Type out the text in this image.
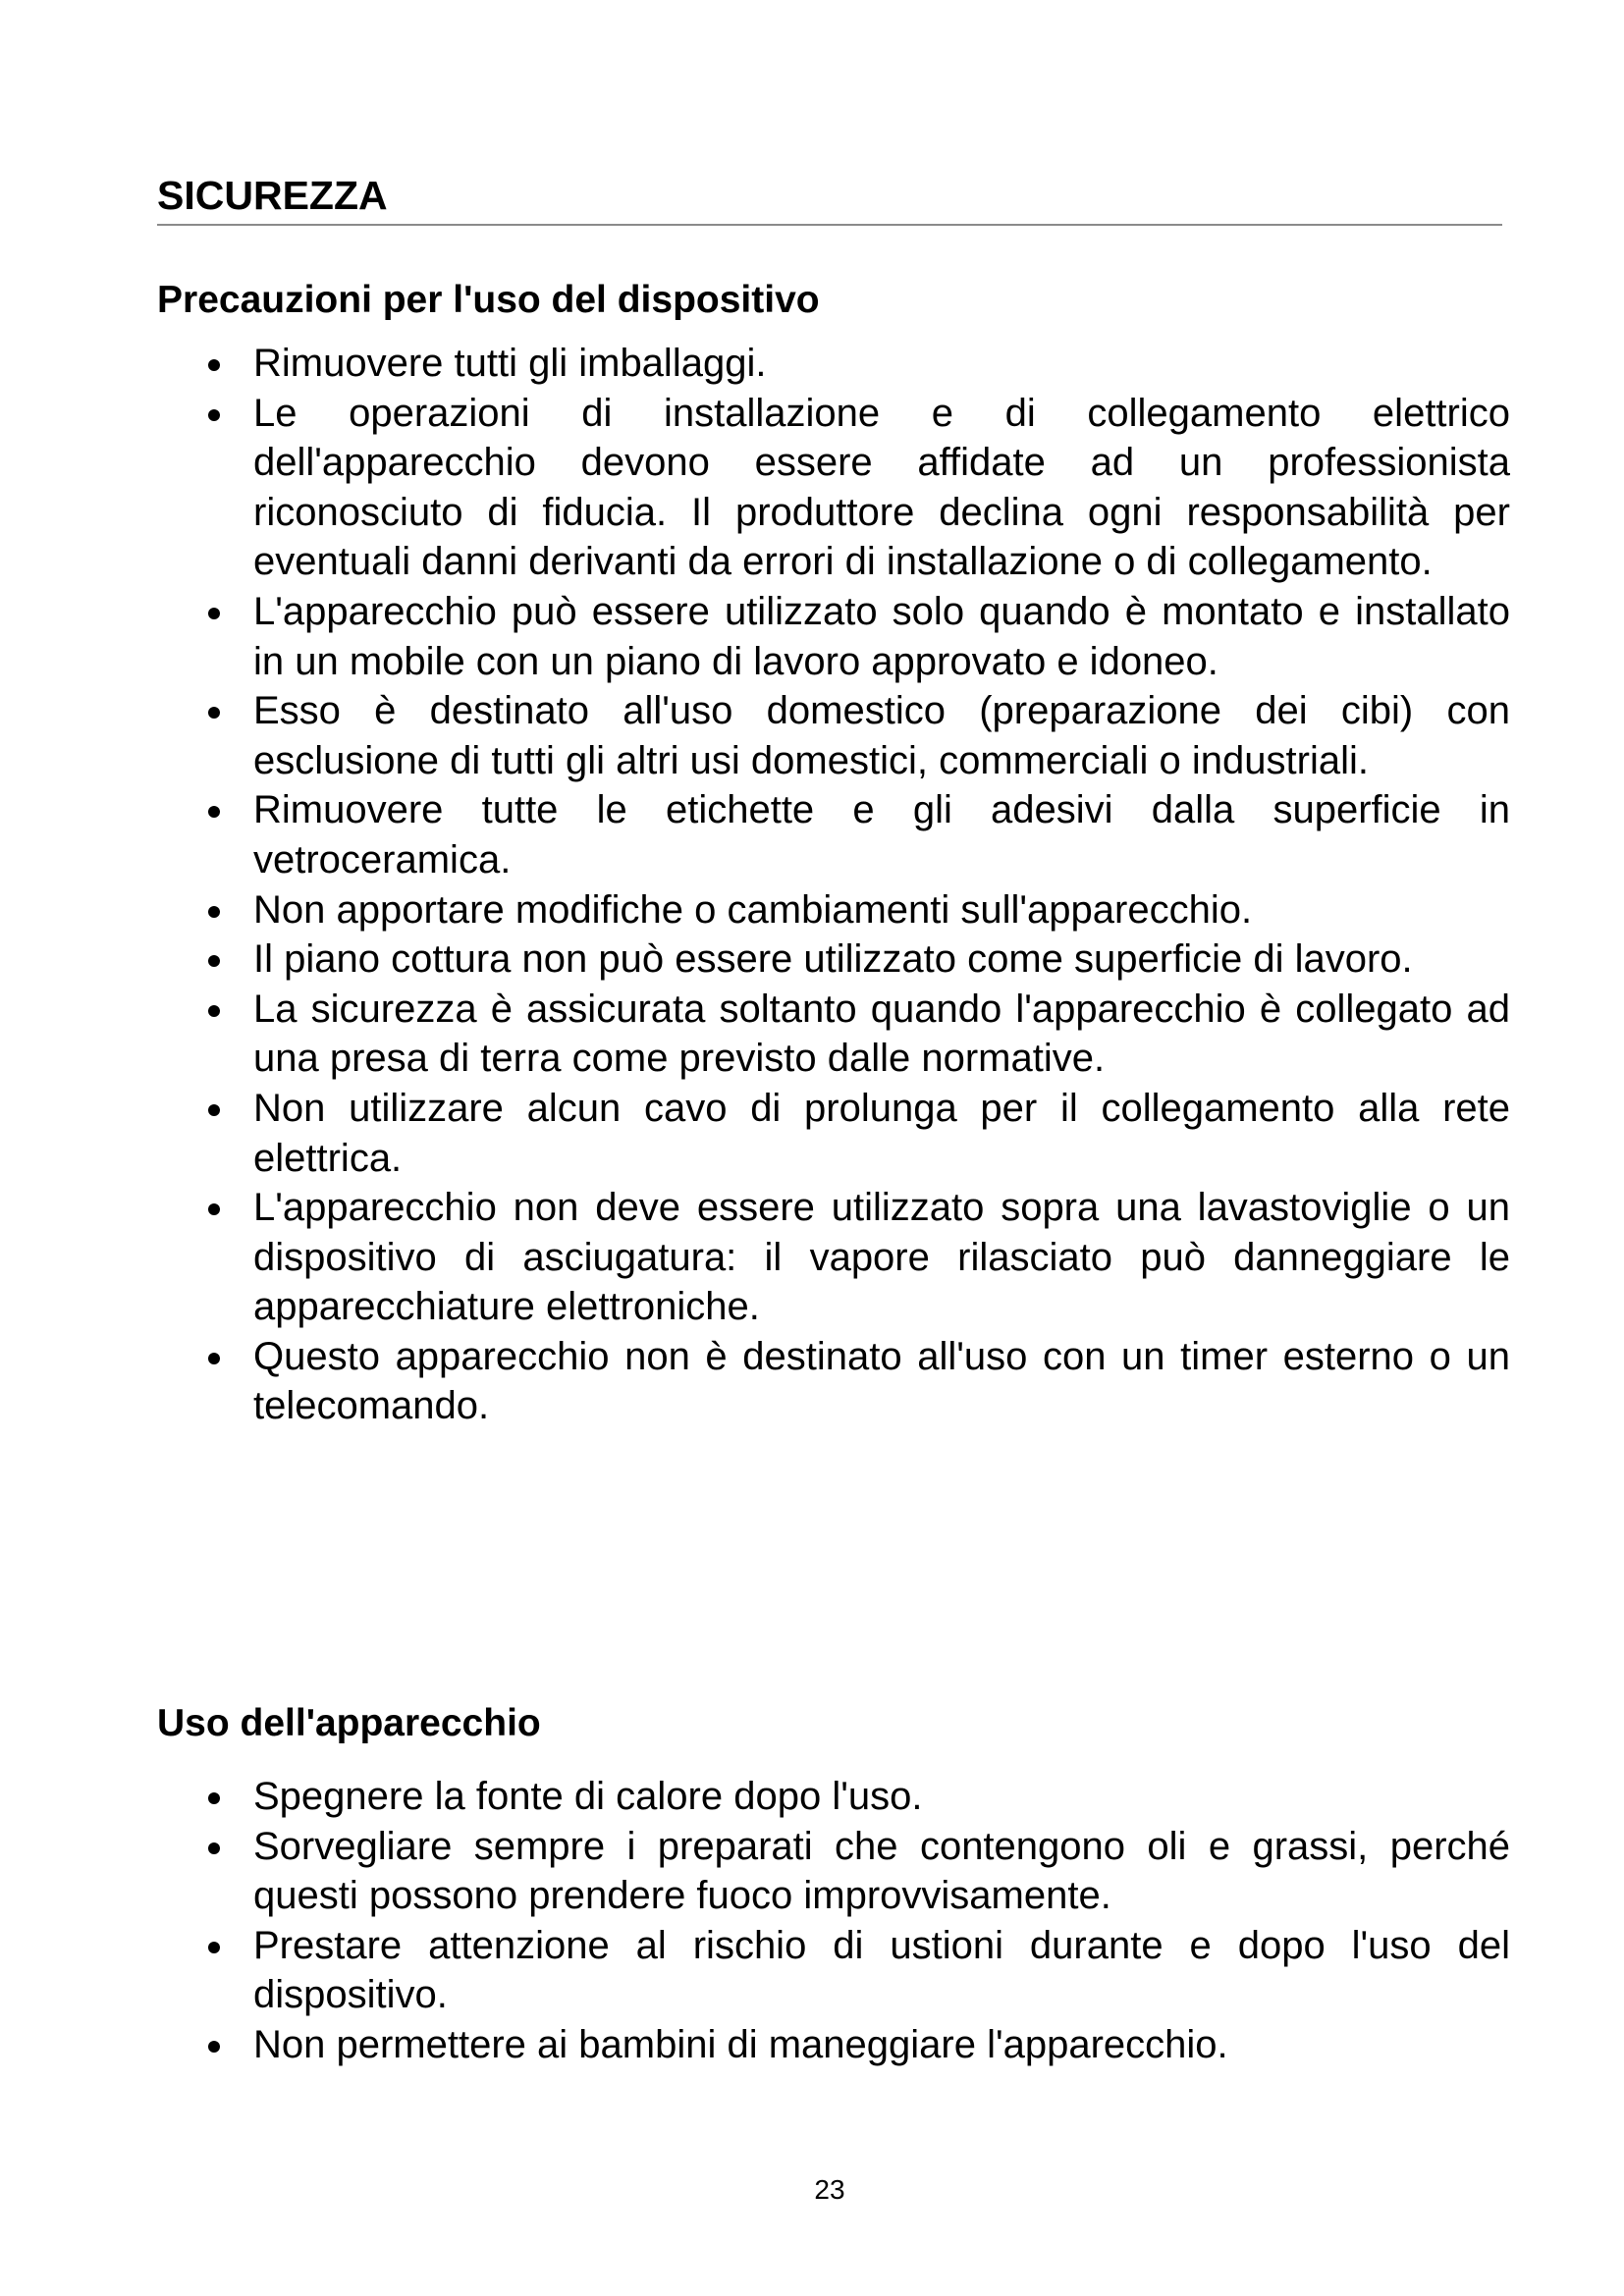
SICUREZZA
Precauzioni per l'uso del dispositivo
Rimuovere tutti gli imballaggi.
Le operazioni di installazione e di collegamento elettrico dell'apparecchio devono essere affidate ad un professionista riconosciuto di fiducia. Il produttore declina ogni responsabilità per eventuali danni derivanti da errori di installazione o di collegamento.
L'apparecchio può essere utilizzato solo quando è montato e installato in un mobile con un piano di lavoro approvato e idoneo.
Esso è destinato all'uso domestico (preparazione dei cibi) con esclusione di tutti gli altri usi domestici, commerciali o industriali.
Rimuovere tutte le etichette e gli adesivi dalla superficie in vetroceramica.
Non apportare modifiche o cambiamenti sull'apparecchio.
Il piano cottura non può essere utilizzato come superficie di lavoro.
La sicurezza è assicurata soltanto quando l'apparecchio è collegato ad una presa di terra come previsto dalle normative.
Non utilizzare alcun cavo di prolunga per il collegamento alla rete elettrica.
L'apparecchio non deve essere utilizzato sopra una lavastoviglie o un dispositivo di asciugatura: il vapore rilasciato può danneggiare le apparecchiature elettroniche.
Questo apparecchio non è destinato all'uso con un timer esterno o un telecomando.
Uso dell'apparecchio
Spegnere la fonte di calore dopo l'uso.
Sorvegliare sempre i preparati che contengono oli e grassi, perché questi possono prendere fuoco improvvisamente.
Prestare attenzione al rischio di ustioni durante e dopo l'uso del dispositivo.
Non permettere ai bambini di maneggiare l'apparecchio.
23
